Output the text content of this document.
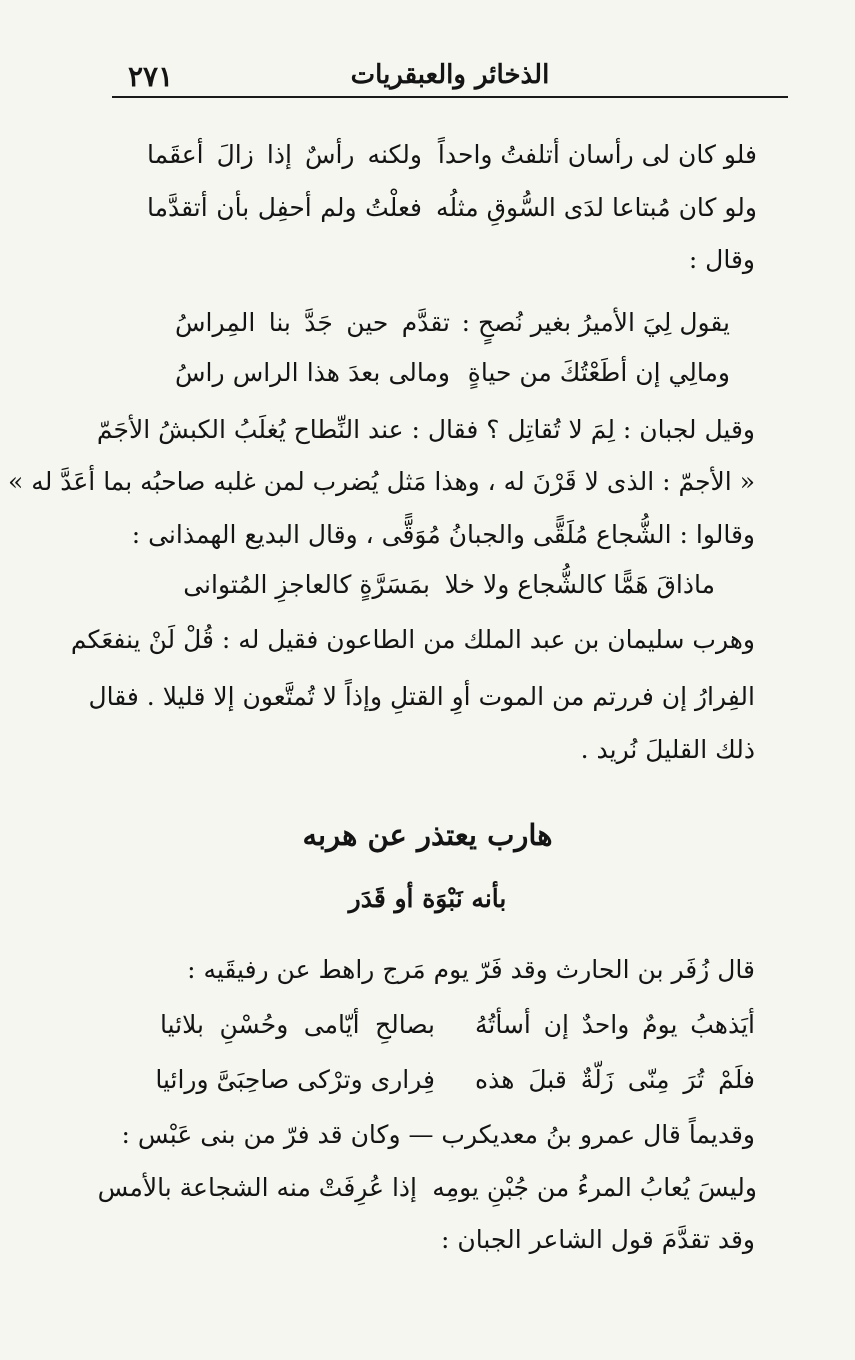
٢٧١	الذخائر والعبقريات
فلو كان لى رأسان أتلفتُ واحداً
ولكنه رأسٌ إذا زالَ أعقَما
ولو كان مُبتاعا لدَى السُّوقِ مثلُه
فعلْتُ ولم أحفِل بأن أتقدَّما
وقال :
يقول لِيَ الأميرُ بغير نُصحٍ :
تقدَّم حين جَدَّ بنا المِراسُ
ومالِي إن أطَعْتُكَ من حياةٍ
ومالى بعدَ هذا الراس راسُ
وقيل لجبان : لِمَ لا تُقاتِل ؟ فقال : عند النِّطاح يُغلَبُ الكبشُ الأجَمّ
« الأجمّ : الذى لا قَرْنَ له ، وهذا مَثل يُضرب لمن غلبه صاحبُه بما أعَدَّ له »
وقالوا : الشُّجاع مُلَقًّى والجبانُ مُوَقًّى ، وقال البديع الهمذانى :
ماذاقَ هَمًّا كالشُّجاع ولا خلا
بمَسَرَّةٍ كالعاجزِ المُتوانى
وهرب سليمان بن عبد الملك من الطاعون فقيل له : قُلْ لَنْ ينفعَكم
الفِرارُ إن فررتم من الموت أوِ القتلِ وإذاً لا تُمتَّعون إلا قليلا . فقال
ذلك القليلَ نُريد .
هارب يعتذر عن هربه
بأنه نَبْوَة أو قَدَر
قال زُفَر بن الحارث وقد فَرّ يوم مَرج راهط عن رفيقَيه :
أيَذهبُ يومٌ واحدٌ إن أسأتُهُ
بصالحِ أيّامى وحُسْنِ بلائيا
فلَمْ تُرَ مِنّى زَلّةٌ قبلَ هذه
فِرارى وترْكى صاحِبَىَّ ورائيا
وقديماً قال عمرو بنُ معديكرب — وكان قد فرّ من بنى عَبْس :
وليسَ يُعابُ المرءُ من جُبْنِ يومِه
إذا عُرِفَتْ منه الشجاعة بالأمس
وقد تقدَّمَ قول الشاعر الجبان :
